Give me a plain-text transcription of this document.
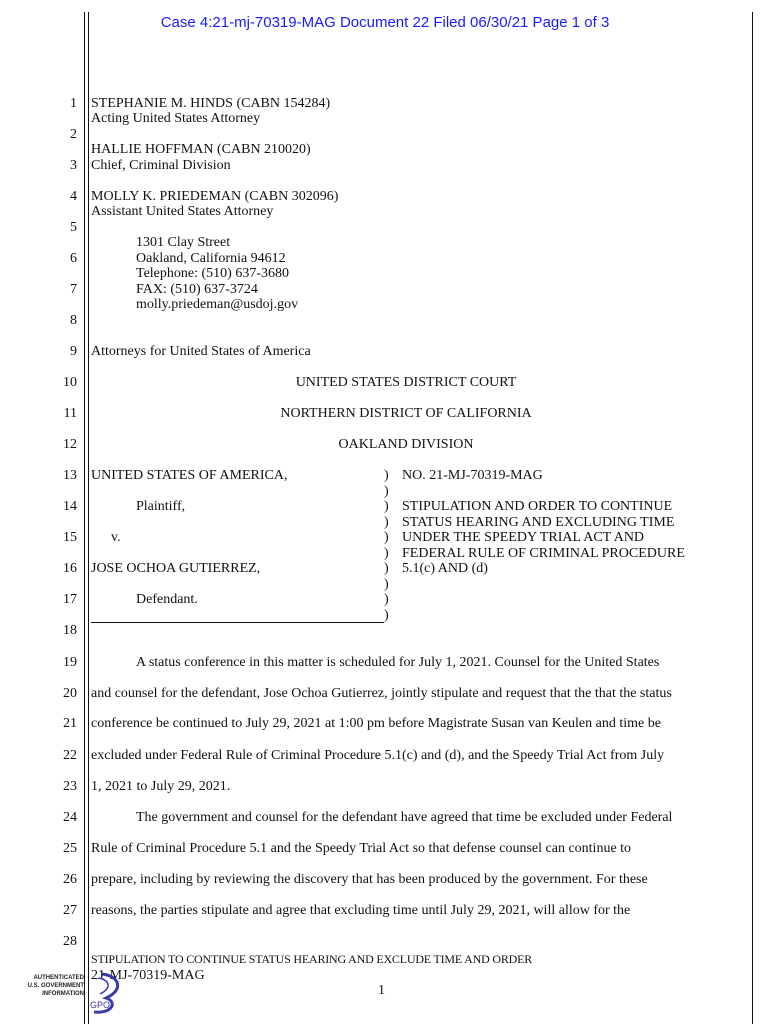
Case 4:21-mj-70319-MAG Document 22 Filed 06/30/21 Page 1 of 3
1
2
3
4
5
6
7
8
9
10
11
12
13
14
15
16
17
18
19
20
21
22
23
24
25
26
27
28
STEPHANIE M. HINDS (CABN 154284)
Acting United States Attorney
HALLIE HOFFMAN (CABN 210020)
Chief, Criminal Division
MOLLY K. PRIEDEMAN (CABN 302096)
Assistant United States Attorney
1301 Clay Street
Oakland, California 94612
Telephone: (510) 637-3680
FAX: (510) 637-3724
molly.priedeman@usdoj.gov
Attorneys for United States of America
UNITED STATES DISTRICT COURT
NORTHERN DISTRICT OF CALIFORNIA
OAKLAND DIVISION
UNITED STATES OF AMERICA,
Plaintiff,
v.
JOSE OCHOA GUTIERREZ,
Defendant.
)
)
)
)
)
)
)
)
)
)
NO. 21-MJ-70319-MAG
STIPULATION AND ORDER TO CONTINUE
STATUS HEARING AND EXCLUDING TIME
UNDER THE SPEEDY TRIAL ACT AND
FEDERAL RULE OF CRIMINAL PROCEDURE
5.1(c) AND (d)
A status conference in this matter is scheduled for July 1, 2021. Counsel for the United States
and counsel for the defendant, Jose Ochoa Gutierrez, jointly stipulate and request that the that the status
conference be continued to July 29, 2021 at 1:00 pm before Magistrate Susan van Keulen and time be
excluded under Federal Rule of Criminal Procedure 5.1(c) and (d), and the Speedy Trial Act from July
1, 2021 to July 29, 2021.
The government and counsel for the defendant have agreed that time be excluded under Federal
Rule of Criminal Procedure 5.1 and the Speedy Trial Act so that defense counsel can continue to
prepare, including by reviewing the discovery that has been produced by the government. For these
reasons, the parties stipulate and agree that excluding time until July 29, 2021, will allow for the
STIPULATION TO CONTINUE STATUS HEARING AND EXCLUDE TIME AND ORDER
21-MJ-70319-MAG
1
AUTHENTICATED
U.S. GOVERNMENT
INFORMATION
GPO
